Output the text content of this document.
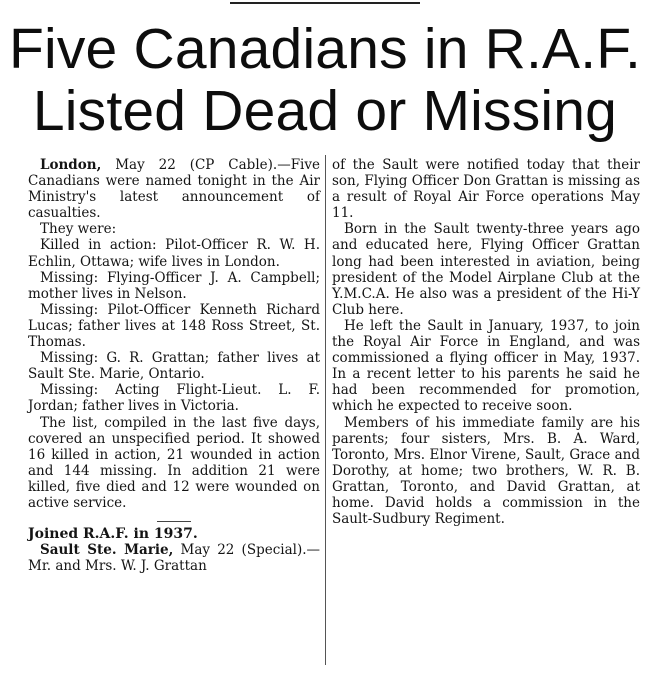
Five Canadians in R.A.F.
Listed Dead or Missing

London, May 22 (CP Cable).—Five Canadians were named tonight in the Air Ministry's latest announcement of casualties.

They were:

Killed in action: Pilot-Officer R. W. H. Echlin, Ottawa; wife lives in London.

Missing: Flying-Officer J. A. Campbell; mother lives in Nelson.

Missing: Pilot-Officer Kenneth Richard Lucas; father lives at 148 Ross Street, St. Thomas.

Missing: G. R. Grattan; father lives at Sault Ste. Marie, Ontario.

Missing: Acting Flight-Lieut. L. F. Jordan; father lives in Victoria.

The list, compiled in the last five days, covered an unspecified period. It showed 16 killed in action, 21 wounded in action and 144 missing. In addition 21 were killed, five died and 12 were wounded on active service.

Joined R.A.F. in 1937.

Sault Ste. Marie, May 22 (Special).—Mr. and Mrs. W. J. Grattan

of the Sault were notified today that their son, Flying Officer Don Grattan is missing as a result of Royal Air Force operations May 11.

Born in the Sault twenty-three years ago and educated here, Flying Officer Grattan long had been interested in aviation, being president of the Model Airplane Club at the Y.M.C.A. He also was a president of the Hi-Y Club here.

He left the Sault in January, 1937, to join the Royal Air Force in England, and was commissioned a flying officer in May, 1937. In a recent letter to his parents he said he had been recommended for promotion, which he expected to receive soon.

Members of his immediate family are his parents; four sisters, Mrs. B. A. Ward, Toronto, Mrs. Elnor Virene, Sault, Grace and Dorothy, at home; two brothers, W. R. B. Grattan, Toronto, and David Grattan, at home. David holds a commission in the Sault-Sudbury Regiment.
